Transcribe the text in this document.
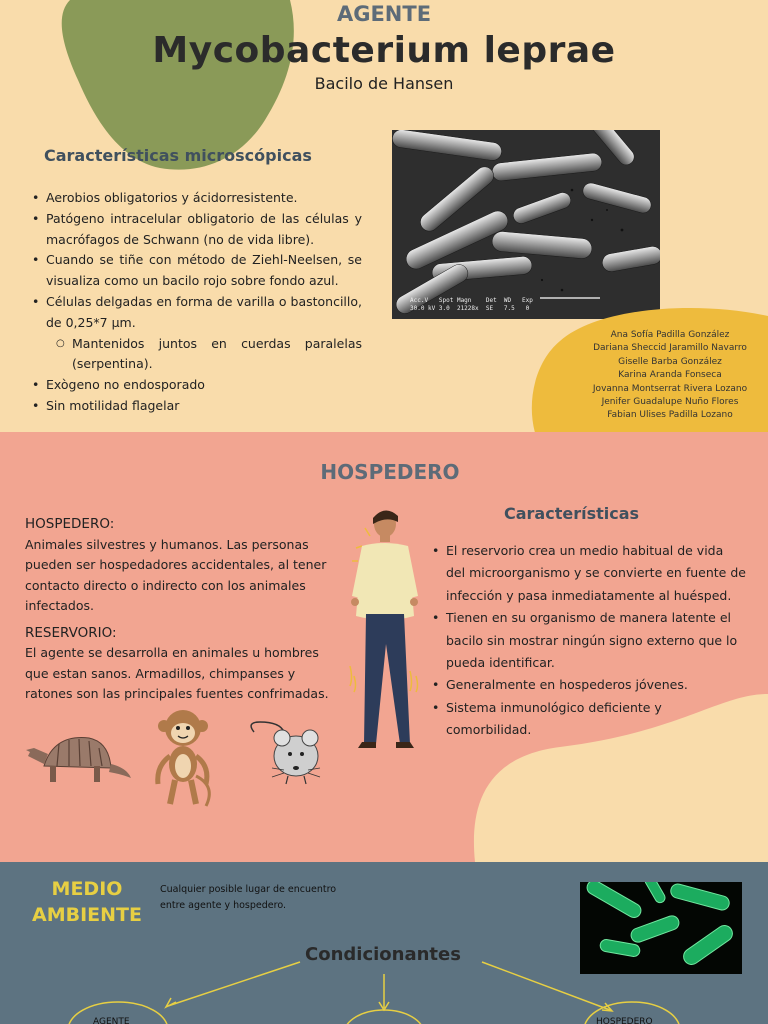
AGENTE
Mycobacterium leprae
Bacilo de Hansen
Características microscópicas
• Aerobios obligatorios y ácidorresistente.
• Patógeno intracelular obligatorio de las células y macrófagos de Schwann (no de vida libre).
• Cuando se tiñe con método de Ziehl-Neelsen, se visualiza como un bacilo rojo sobre fondo azul.
• Células delgadas en forma de varilla o bastoncillo, de 0,25*7 µm.
○ Mantenidos juntos en cuerdas paralelas (serpentina).
• Exògeno no endosporado
• Sin motilidad flagelar
Acc.V   Spot Magn    Det  WD   Exp
30.0 kV 3.0  21228x  SE   7.5   0
Ana Sofía Padilla González
Dariana Sheccid Jaramillo Navarro
Giselle Barba González
Karina Aranda Fonseca
Jovanna Montserrat Rivera Lozano
Jenifer Guadalupe Nuño Flores
Fabian Ulises Padilla Lozano
HOSPEDERO
HOSPEDERO:

Animales silvestres y humanos. Las personas pueden ser hospedadores accidentales, al tener contacto directo o indirecto con los animales infectados.

RESERVORIO:

El agente se desarrolla en animales u hombres que estan sanos. Armadillos, chimpanses y ratones son las principales fuentes confrimadas.

Características
• El reservorio crea un medio habitual de vida del microorganismo y se convierte en fuente de infección y pasa inmediatamente al huésped.
• Tienen en su organismo de manera latente el bacilo sin mostrar ningún signo externo que lo pueda identificar.
• Generalmente en hospederos jóvenes.
• Sistema inmunológico deficiente y comorbilidad.
MEDIO AMBIENTE

Cualquier posible lugar de encuentro entre agente y hospedero.

Condicionantes
AGENTE	HOSPEDERO
